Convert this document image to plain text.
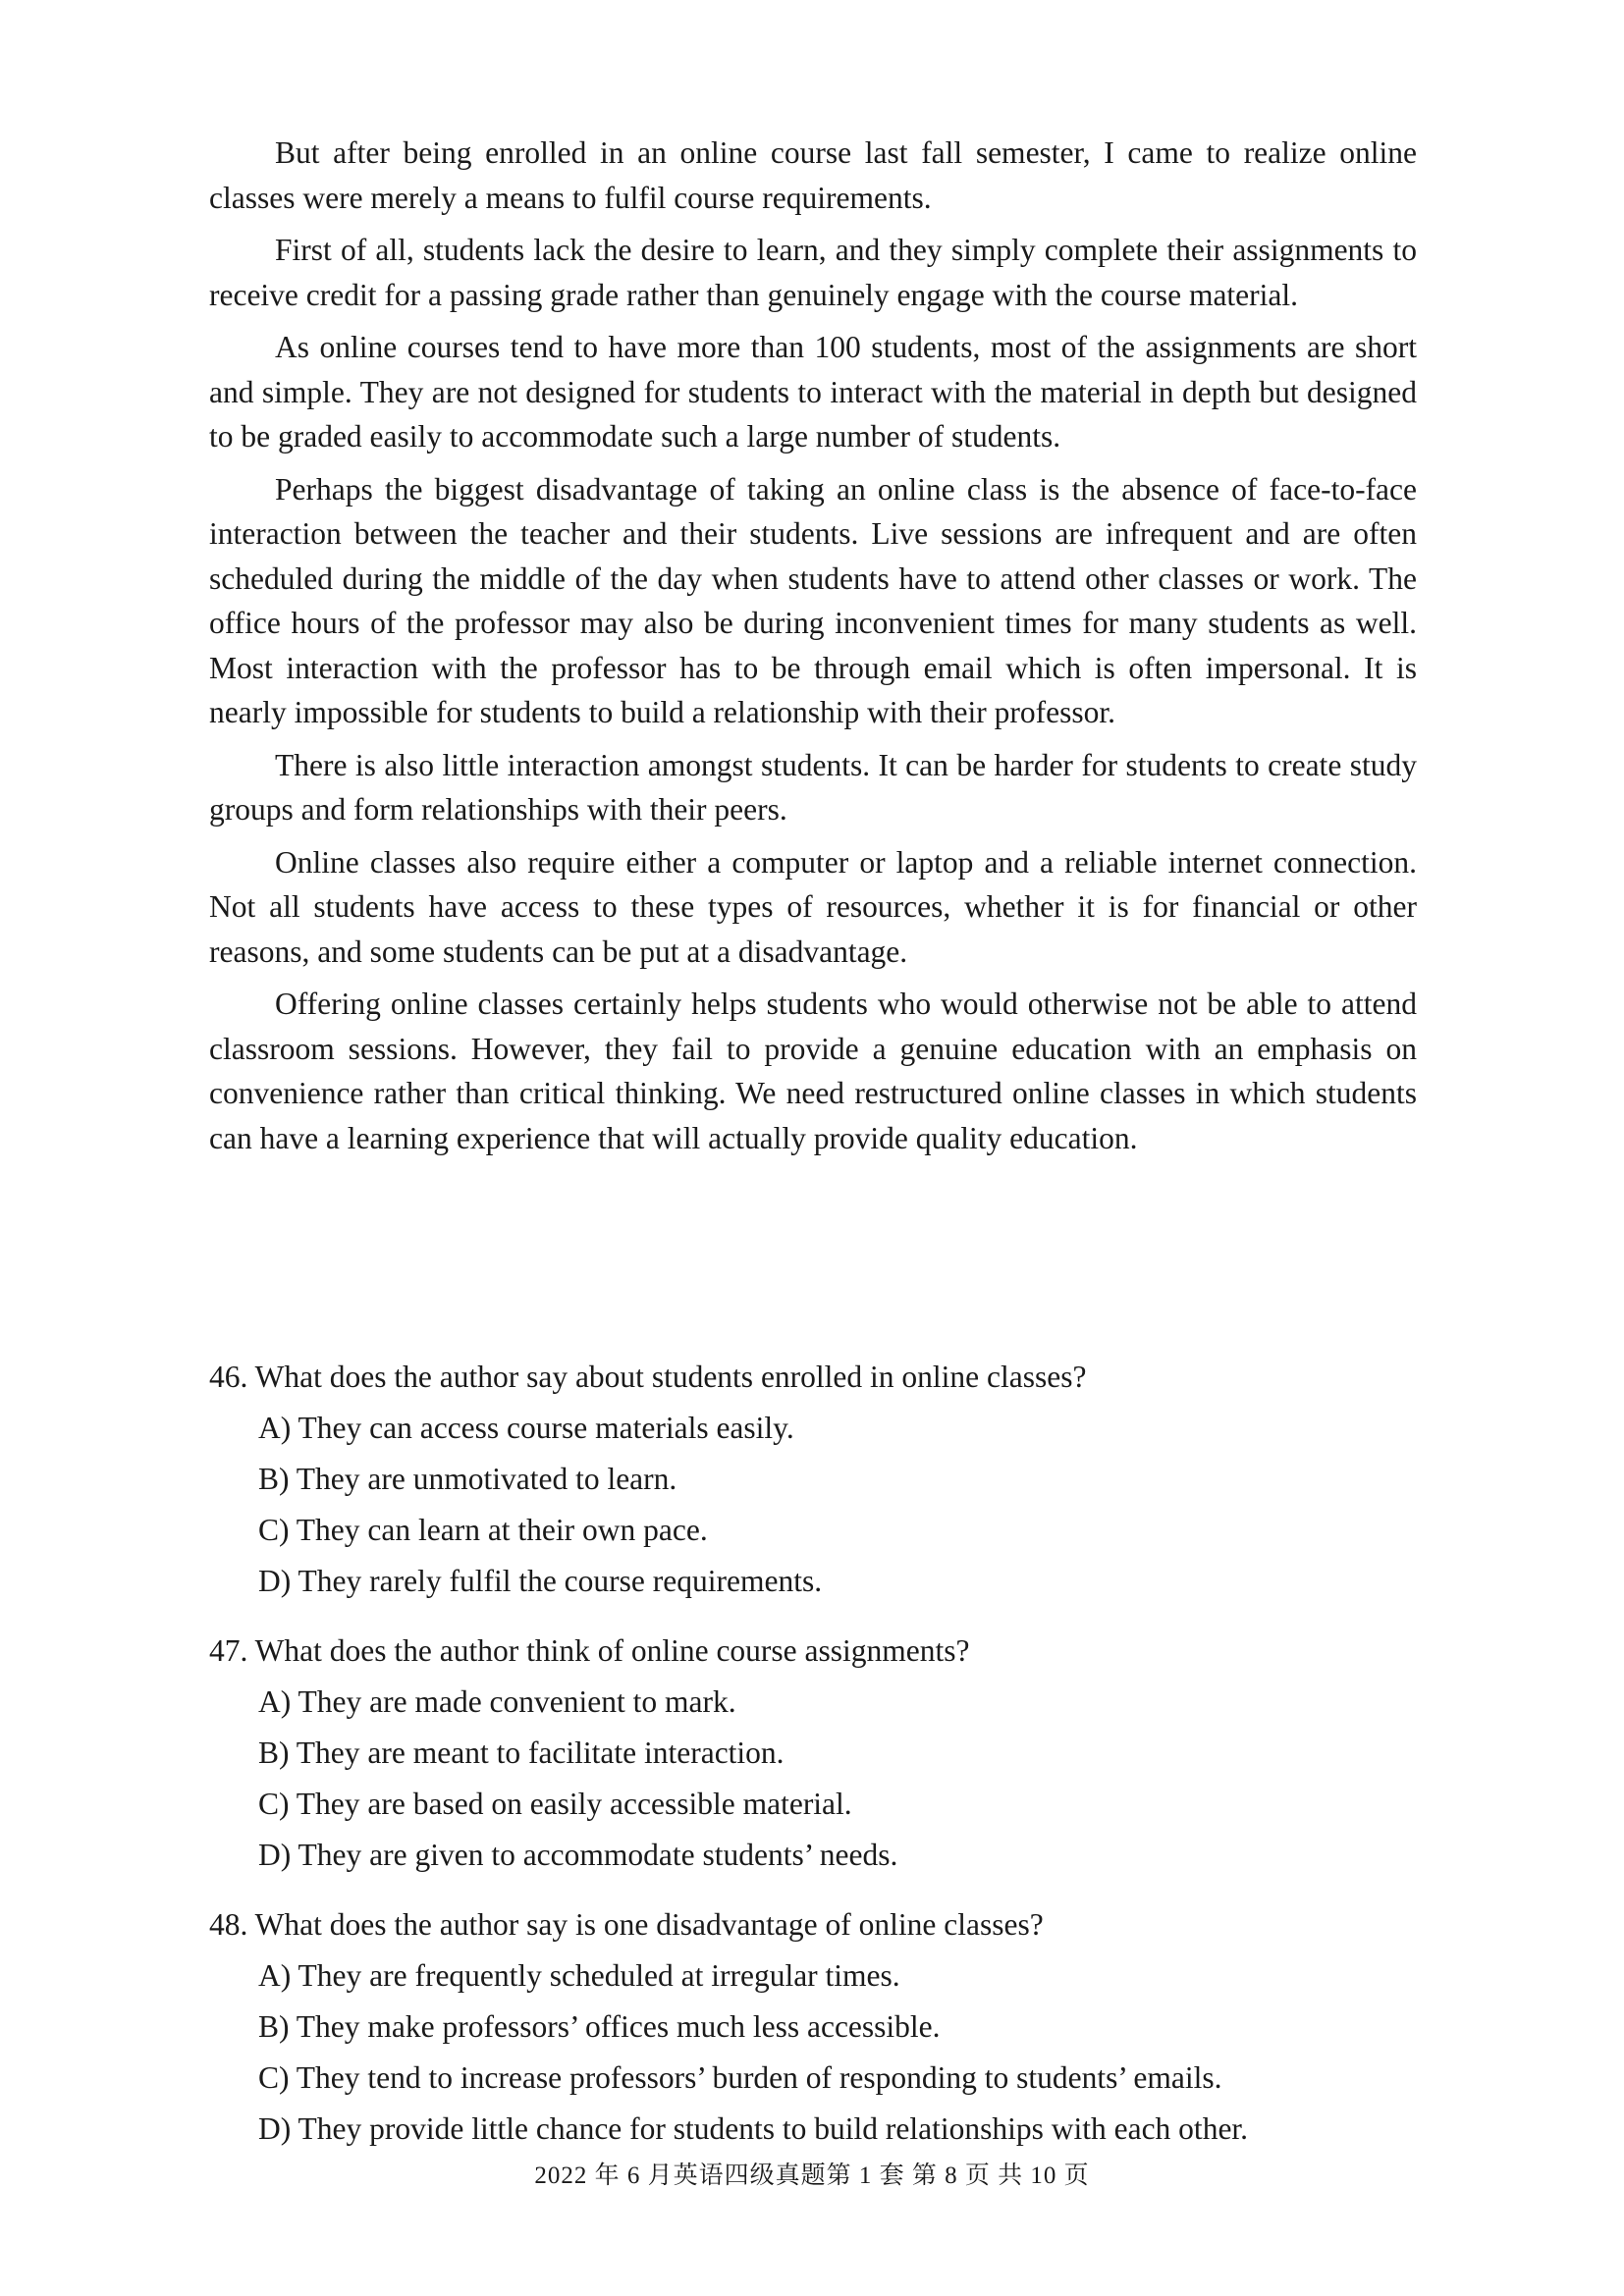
But after being enrolled in an online course last fall semester, I came to realize online classes were merely a means to fulfil course requirements.

First of all, students lack the desire to learn, and they simply complete their assignments to receive credit for a passing grade rather than genuinely engage with the course material.

As online courses tend to have more than 100 students, most of the assignments are short and simple. They are not designed for students to interact with the material in depth but designed to be graded easily to accommodate such a large number of students.

Perhaps the biggest disadvantage of taking an online class is the absence of face-to-face interaction between the teacher and their students. Live sessions are infrequent and are often scheduled during the middle of the day when students have to attend other classes or work. The office hours of the professor may also be during inconvenient times for many students as well. Most interaction with the professor has to be through email which is often impersonal. It is nearly impossible for students to build a relationship with their professor.

There is also little interaction amongst students. It can be harder for students to create study groups and form relationships with their peers.

Online classes also require either a computer or laptop and a reliable internet connection. Not all students have access to these types of resources, whether it is for financial or other reasons, and some students can be put at a disadvantage.

Offering online classes certainly helps students who would otherwise not be able to attend classroom sessions. However, they fail to provide a genuine education with an emphasis on convenience rather than critical thinking. We need restructured online classes in which students can have a learning experience that will actually provide quality education.

46. What does the author say about students enrolled in online classes?

A) They can access course materials easily.
B) They are unmotivated to learn.
C) They can learn at their own pace.
D) They rarely fulfil the course requirements.

47. What does the author think of online course assignments?

A) They are made convenient to mark.
B) They are meant to facilitate interaction.
C) They are based on easily accessible material.
D) They are given to accommodate students’ needs.

48. What does the author say is one disadvantage of online classes?

A) They are frequently scheduled at irregular times.
B) They make professors’ offices much less accessible.
C) They tend to increase professors’ burden of responding to students’ emails.
D) They provide little chance for students to build relationships with each other.
2022 年 6 月英语四级真题第 1 套 第 8 页 共 10 页
